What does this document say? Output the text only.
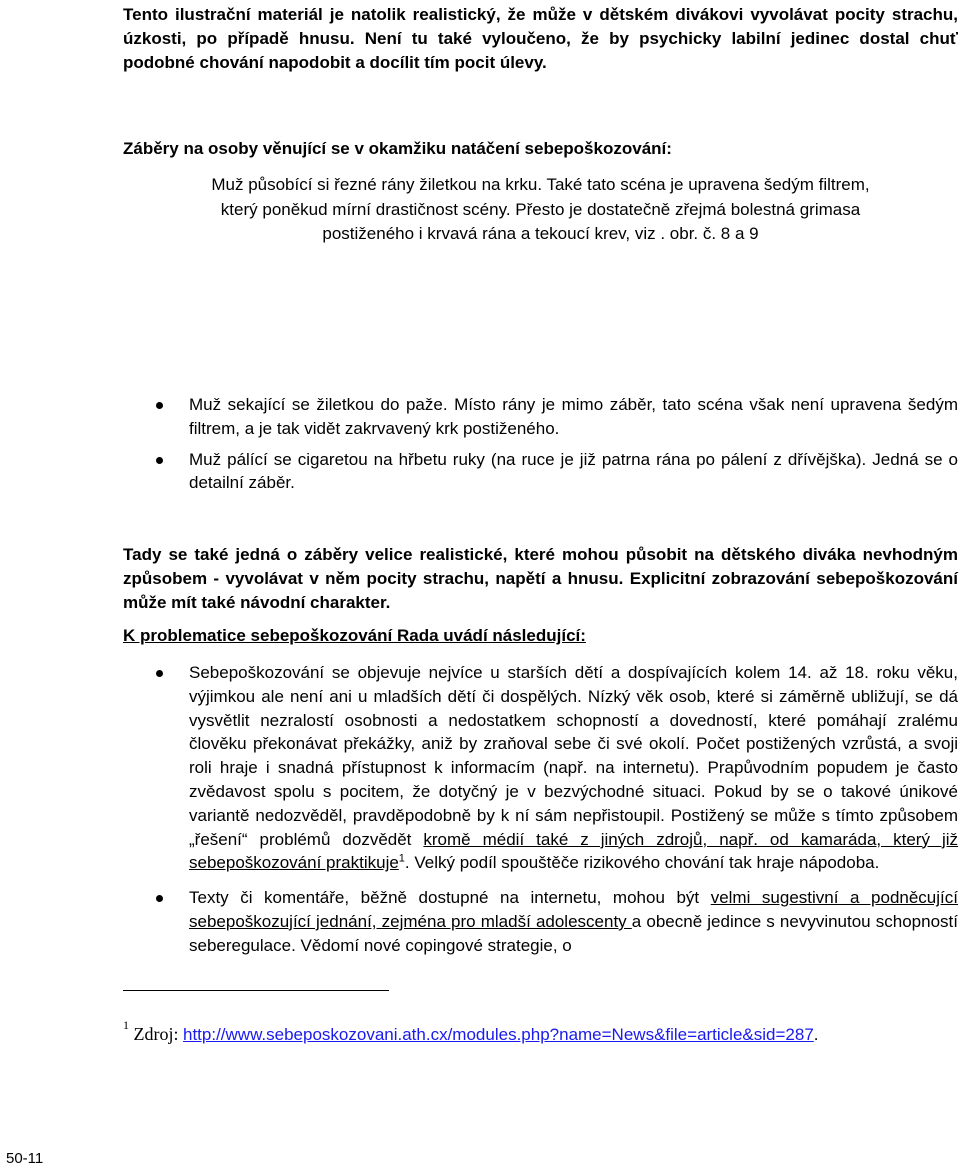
Tento ilustrační materiál je natolik realistický, že může v dětském divákovi vyvolávat pocity strachu, úzkosti, po případě hnusu. Není tu také vyloučeno, že by psychicky labilní jedinec dostal chuť podobné chování napodobit a docílit tím pocit úlevy.

Záběry na osoby věnující se v okamžiku natáčení sebepoškozování:

Muž působící si řezné rány žiletkou na krku. Také tato scéna je upravena šedým filtrem,
který poněkud mírní drastičnost scény. Přesto je dostatečně zřejmá bolestná grimasa
postiženého i krvavá rána a tekoucí krev, viz . obr. č. 8 a 9
Muž sekající se žiletkou do paže. Místo rány je mimo záběr, tato scéna však není upravena šedým filtrem, a je tak vidět zakrvavený krk postiženého.
Muž pálící se cigaretou na hřbetu ruky (na ruce je již patrna rána po pálení z dřívějška). Jedná se o detailní záběr.

Tady se také jedná o záběry velice realistické, které mohou působit na dětského diváka nevhodným způsobem - vyvolávat v něm pocity strachu, napětí a hnusu. Explicitní zobrazování sebepoškozování může mít také návodní charakter.

K problematice sebepoškozování Rada uvádí následující:

Sebepoškozování se objevuje nejvíce u starších dětí a dospívajících kolem 14. až 18. roku věku, výjimkou ale není ani u mladších dětí či dospělých. Nízký věk osob, které si záměrně ubližují, se dá vysvětlit nezralostí osobnosti a nedostatkem schopností a dovedností, které pomáhají zralému člověku překonávat překážky, aniž by zraňoval sebe či své okolí. Počet postižených vzrůstá, a svoji roli hraje i snadná přístupnost k informacím (např. na internetu). Prapůvodním popudem je často zvědavost spolu s pocitem, že dotyčný je v bezvýchodné situaci. Pokud by se o takové únikové variantě nedozvěděl, pravděpodobně by k ní sám nepřistoupil. Postižený se může s tímto způsobem „řešení“ problémů dozvědět kromě médií také z jiných zdrojů, např. od kamaráda, který již sebepoškozování praktikuje$^1$. Velký podíl spouštěče rizikového chování tak hraje nápodoba.
Texty či komentáře, běžně dostupné na internetu, mohou být velmi sugestivní a podněcující sebepoškozující jednání, zejména pro mladší adolescenty a obecně jedince s nevyvinutou schopností seberegulace. Vědomí nové copingové strategie, o

$^1$ Zdroj: http://www.sebeposkozovani.ath.cx/modules.php?name=News&file=article&sid=287.

50-11
